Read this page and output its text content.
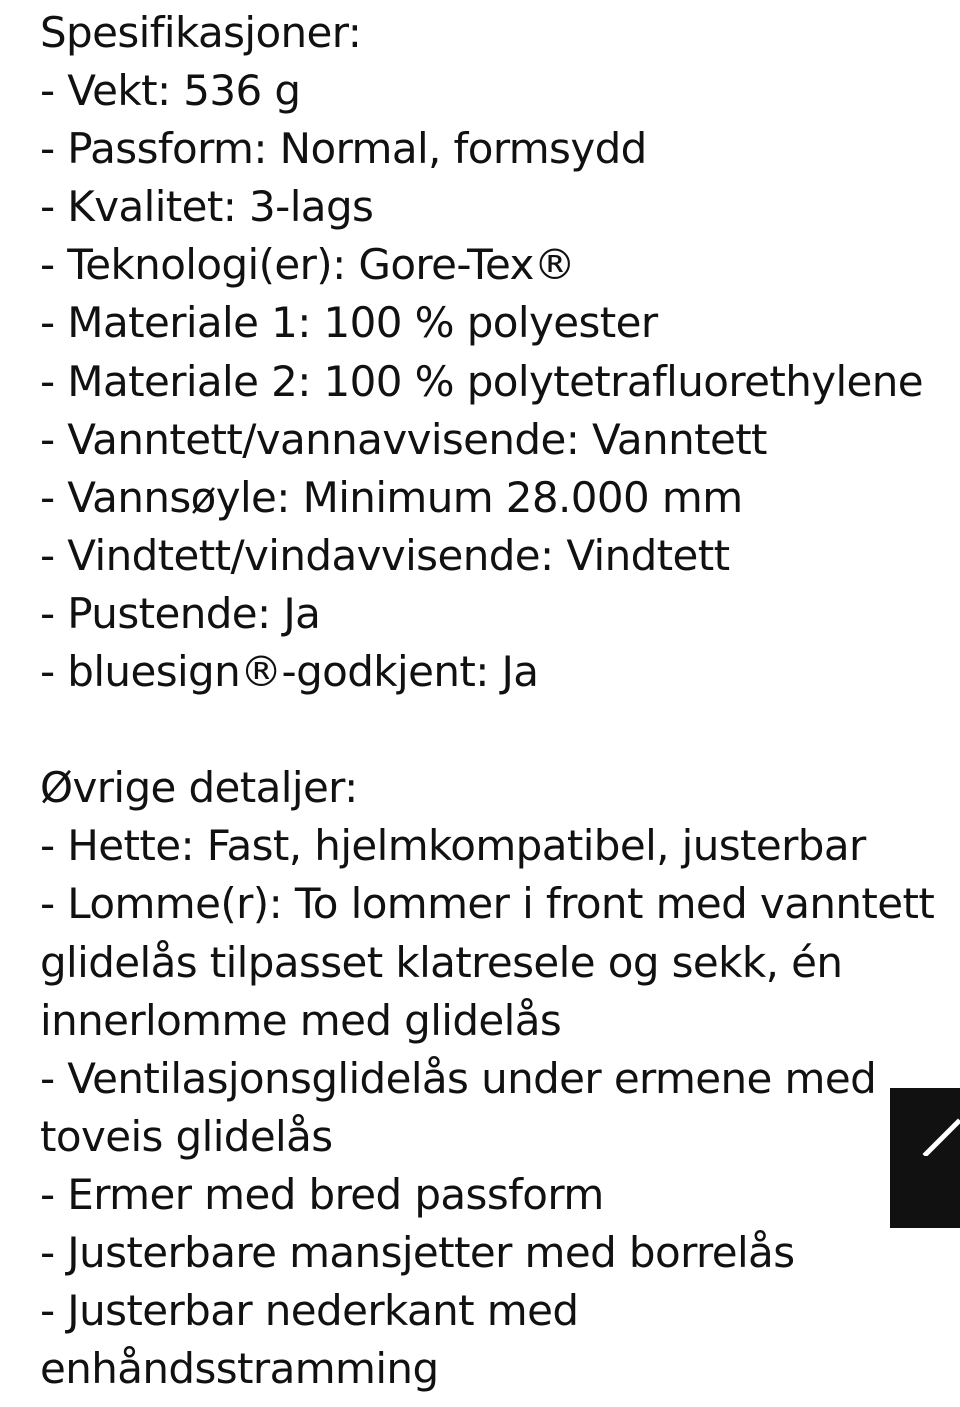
Spesifikasjoner:
- Vekt: 536 g
- Passform: Normal, formsydd
- Kvalitet: 3-lags
- Teknologi(er): Gore-Tex®
- Materiale 1: 100 % polyester
- Materiale 2: 100 % polytetrafluorethylene
- Vanntett/vannavvisende: Vanntett
- Vannsøyle: Minimum 28.000 mm
- Vindtett/vindavvisende: Vindtett
- Pustende: Ja
- bluesign®-godkjent: Ja
Øvrige detaljer:
- Hette: Fast, hjelmkompatibel, justerbar
- Lomme(r): To lommer i front med vanntett
glidelås tilpasset klatresele og sekk, én
innerlomme med glidelås
- Ventilasjonsglidelås under ermene med
toveis glidelås
- Ermer med bred passform
- Justerbare mansjetter med borrelås
- Justerbar nederkant med
enhåndsstramming
